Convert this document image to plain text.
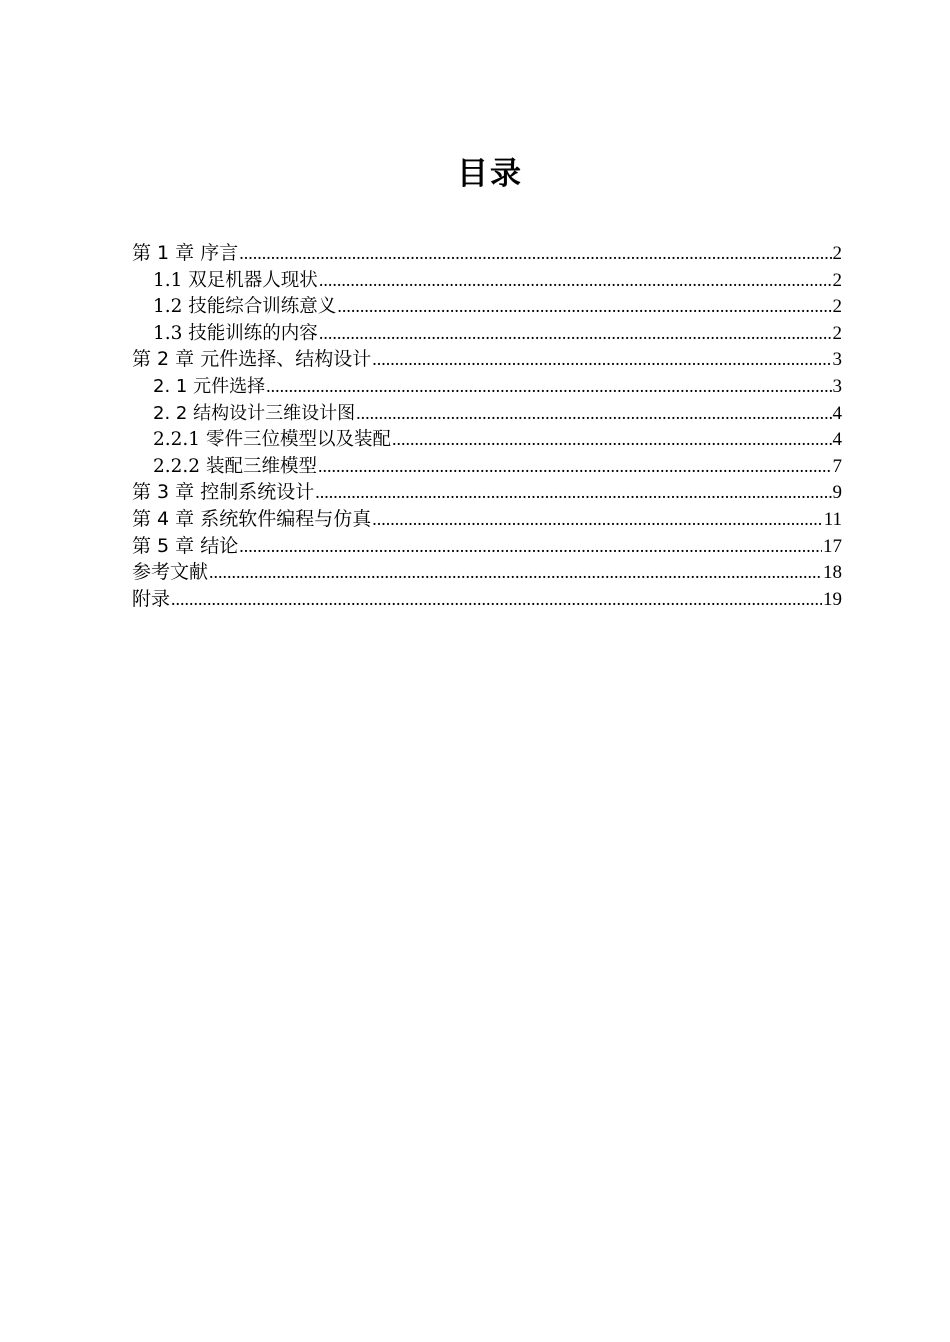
目录
第 1 章 序言 .....	2
1.1 双足机器人现状 .....	2
1.2 技能综合训练意义 .....	2
1.3 技能训练的内容 .....	2
第 2 章 元件选择、结构设计 .....	3
2. 1 元件选择 .....	3
2. 2 结构设计三维设计图 .....	4
2.2.1 零件三位模型以及装配 .....	4
2.2.2 装配三维模型 .....	7
第 3 章 控制系统设计 .....	9
第 4 章 系统软件编程与仿真 .....	11
第 5 章 结论 .....	17
参考文献 .....	18
附录 .....	19
